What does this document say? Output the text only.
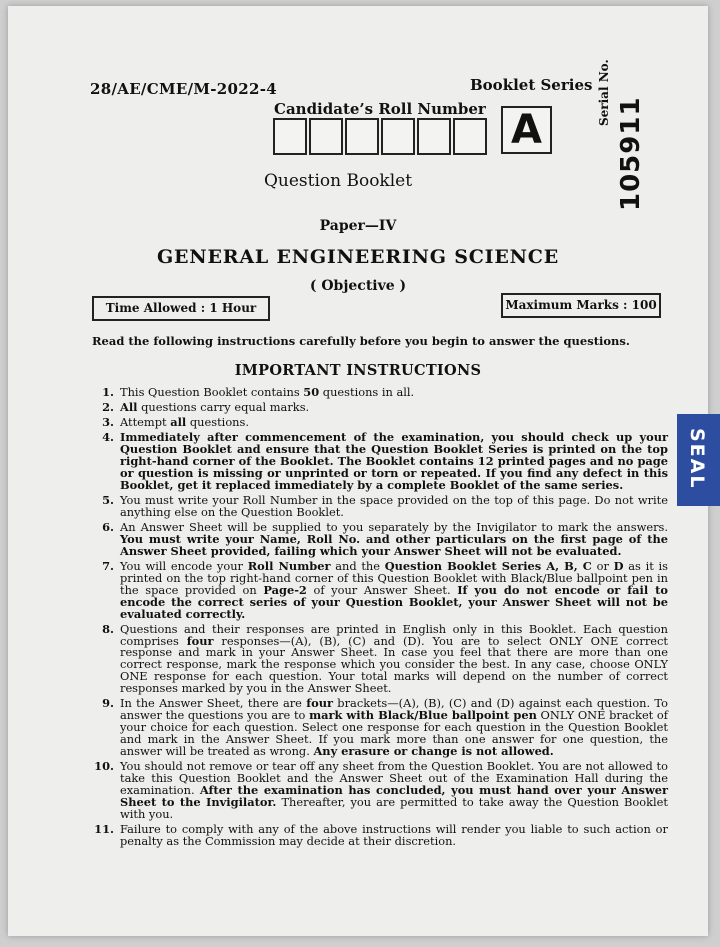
28/AE/CME/M-2022-4	Booklet Series
Candidate’s Roll Number A
Serial No.
105911
Question Booklet
Paper—IV
GENERAL ENGINEERING SCIENCE
( Objective )
Time Allowed : 1 Hour	Maximum Marks : 100
Read the following instructions carefully before you begin to answer the questions.
IMPORTANT INSTRUCTIONS
1. This Question Booklet contains 50 questions in all.
2. All questions carry equal marks.
3. Attempt all questions.
4. Immediately after commencement of the examination, you should check up your Question Booklet and ensure that the Question Booklet Series is printed on the top right-hand corner of the Booklet. The Booklet contains 12 printed pages and no page or question is missing or unprinted or torn or repeated. If you find any defect in this Booklet, get it replaced immediately by a complete Booklet of the same series.
5. You must write your Roll Number in the space provided on the top of this page. Do not write anything else on the Question Booklet.
6. An Answer Sheet will be supplied to you separately by the Invigilator to mark the answers. You must write your Name, Roll No. and other particulars on the first page of the Answer Sheet provided, failing which your Answer Sheet will not be evaluated.
7. You will encode your Roll Number and the Question Booklet Series A, B, C or D as it is printed on the top right-hand corner of this Question Booklet with Black/Blue ballpoint pen in the space provided on Page-2 of your Answer Sheet. If you do not encode or fail to encode the correct series of your Question Booklet, your Answer Sheet will not be evaluated correctly.
8. Questions and their responses are printed in English only in this Booklet. Each question comprises four responses—(A), (B), (C) and (D). You are to select ONLY ONE correct response and mark in your Answer Sheet. In case you feel that there are more than one correct response, mark the response which you consider the best. In any case, choose ONLY ONE response for each question. Your total marks will depend on the number of correct responses marked by you in the Answer Sheet.
9. In the Answer Sheet, there are four brackets—(A), (B), (C) and (D) against each question. To answer the questions you are to mark with Black/Blue ballpoint pen ONLY ONE bracket of your choice for each question. Select one response for each question in the Question Booklet and mark in the Answer Sheet. If you mark more than one answer for one question, the answer will be treated as wrong. Any erasure or change is not allowed.
10. You should not remove or tear off any sheet from the Question Booklet. You are not allowed to take this Question Booklet and the Answer Sheet out of the Examination Hall during the examination. After the examination has concluded, you must hand over your Answer Sheet to the Invigilator. Thereafter, you are permitted to take away the Question Booklet with you.
11. Failure to comply with any of the above instructions will render you liable to such action or penalty as the Commission may decide at their discretion.
SEAL
